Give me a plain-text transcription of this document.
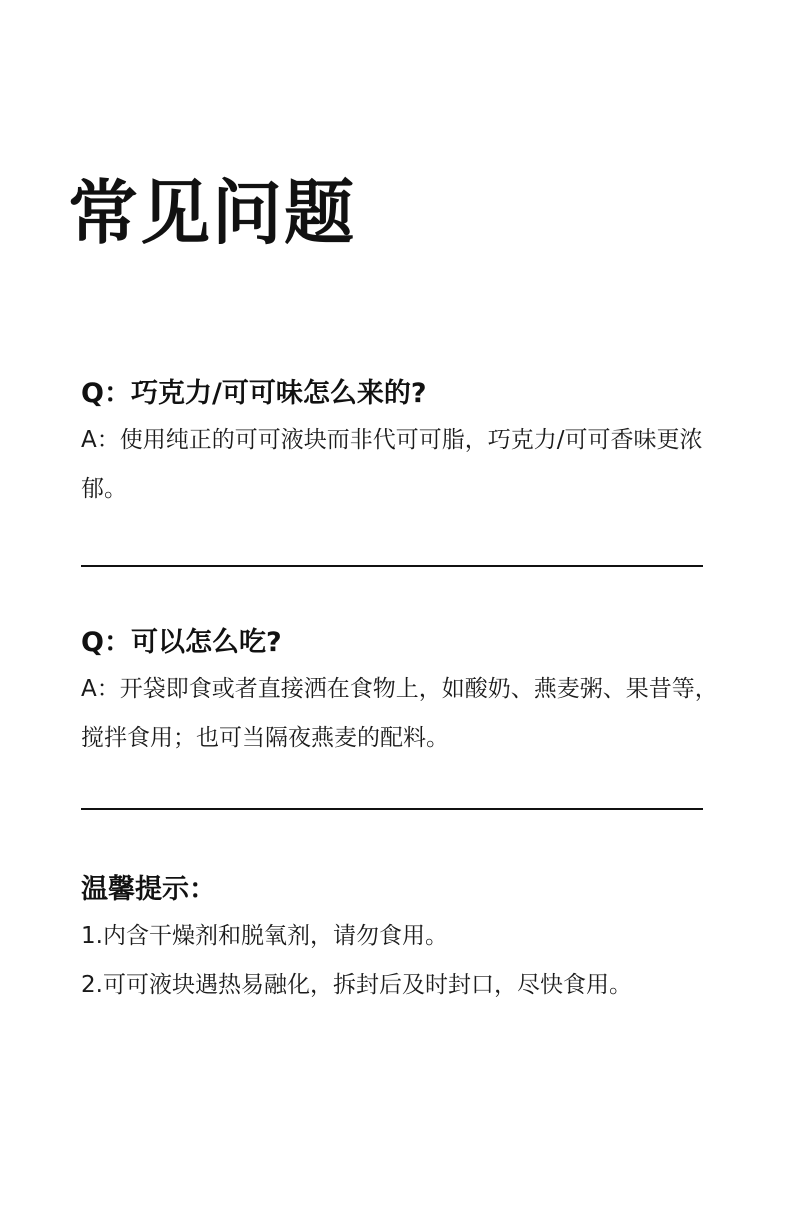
常见问题
Q：巧克力/可可味怎么来的?

A：使用纯正的可可液块而非代可可脂，巧克力/可可香味更浓郁。

Q：可以怎么吃?

A：开袋即食或者直接洒在食物上，如酸奶、燕麦粥、果昔等，搅拌食用；也可当隔夜燕麦的配料。

温馨提示：
1.内含干燥剂和脱氧剂，请勿食用。
2.可可液块遇热易融化，拆封后及时封口，尽快食用。
